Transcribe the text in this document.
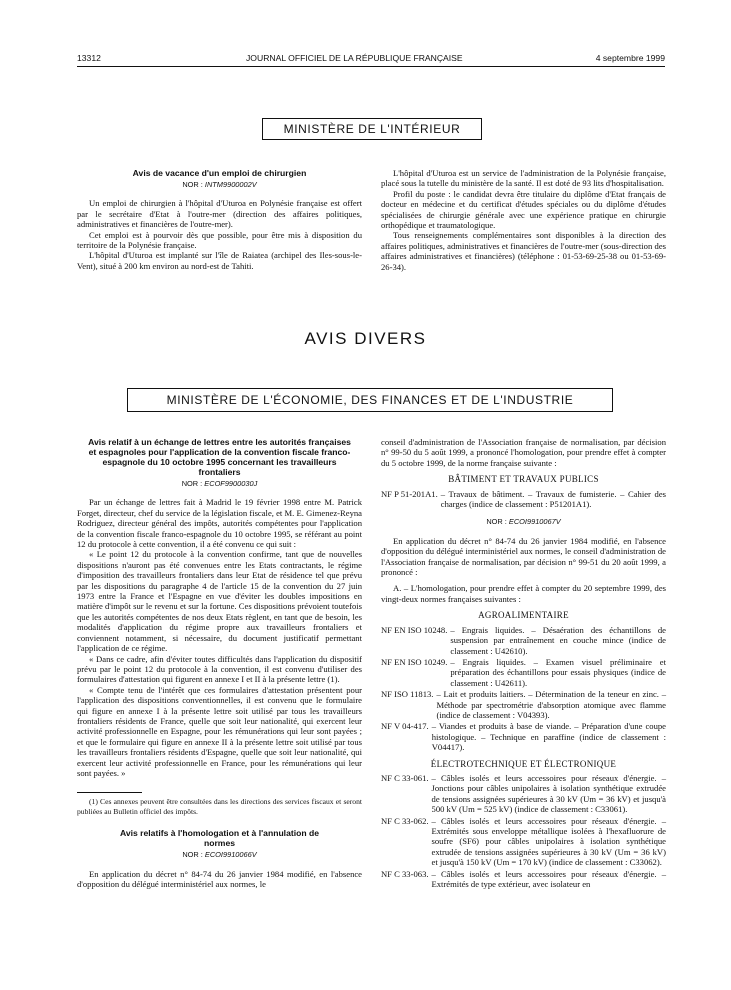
13312	JOURNAL OFFICIEL DE LA RÉPUBLIQUE FRANÇAISE	4 septembre 1999
MINISTÈRE DE L'INTÉRIEUR
Avis de vacance d'un emploi de chirurgien
NOR : INTM9900002V

Un emploi de chirurgien à l'hôpital d'Uturoa en Polynésie française est offert par le secrétaire d'Etat à l'outre-mer (direction des affaires politiques, administratives et financières de l'outre-mer).

Cet emploi est à pourvoir dès que possible, pour être mis à disposition du territoire de la Polynésie française.

L'hôpital d'Uturoa est implanté sur l'île de Raiatea (archipel des Iles-sous-le-Vent), situé à 200 km environ au nord-est de Tahiti.

L'hôpital d'Uturoa est un service de l'administration de la Polynésie française, placé sous la tutelle du ministère de la santé. Il est doté de 93 lits d'hospitalisation.

Profil du poste : le candidat devra être titulaire du diplôme d'Etat français de docteur en médecine et du certificat d'études spéciales ou du diplôme d'études spécialisées de chirurgie générale avec une expérience pratique en chirurgie orthopédique et traumatologique.

Tous renseignements complémentaires sont disponibles à la direction des affaires politiques, administratives et financières de l'outre-mer (sous-direction des affaires administratives et financières) (téléphone : 01-53-69-25-38 ou 01-53-69-26-34).

AVIS DIVERS
MINISTÈRE DE L'ÉCONOMIE, DES FINANCES ET DE L'INDUSTRIE
Avis relatif à un échange de lettres entre les autorités françaises et espagnoles pour l'application de la convention fiscale franco-espagnole du 10 octobre 1995 concernant les travailleurs frontaliers
NOR : ECOF9900030J

Par un échange de lettres fait à Madrid le 19 février 1998 entre M. Patrick Forget, directeur, chef du service de la législation fiscale, et M. E. Gimenez-Reyna Rodriguez, directeur général des impôts, autorités compétentes pour l'application de la convention fiscale franco-espagnole du 10 octobre 1995, se référant au point 12 du protocole à cette convention, il a été convenu ce qui suit :

« Le point 12 du protocole à la convention confirme, tant que de nouvelles dispositions n'auront pas été convenues entre les Etats contractants, le régime d'imposition des travailleurs frontaliers dans leur Etat de résidence tel que prévu par les dispositions du paragraphe 4 de l'article 15 de la convention du 27 juin 1973 entre la France et l'Espagne en vue d'éviter les doubles impositions en matière d'impôt sur le revenu et sur la fortune. Ces dispositions prévoient toutefois que les autorités compétentes de nos deux Etats règlent, en tant que de besoin, les modalités d'application du régime propre aux travailleurs frontaliers et conviennent notamment, si nécessaire, du document justificatif permettant l'application de ce régime.

« Dans ce cadre, afin d'éviter toutes difficultés dans l'application du dispositif prévu par le point 12 du protocole à la convention, il est convenu d'utiliser des formulaires d'attestation qui figurent en annexe I et II à la présente lettre (1).

« Compte tenu de l'intérêt que ces formulaires d'attestation présentent pour l'application des dispositions conventionnelles, il est convenu que le formulaire qui figure en annexe I à la présente lettre soit utilisé par tous les travailleurs frontaliers résidents de France, quelle que soit leur nationalité, qui exercent leur activité professionnelle en Espagne, pour les rémunérations qui leur sont payées ; et que le formulaire qui figure en annexe II à la présente lettre soit utilisé par tous les travailleurs frontaliers résidents d'Espagne, quelle que soit leur nationalité, qui exercent leur activité professionnelle en France, pour les rémunérations qui leur sont payées. »

(1) Ces annexes peuvent être consultées dans les directions des services fiscaux et seront publiées au Bulletin officiel des impôts.

Avis relatifs à l'homologation et à l'annulation de normes
NOR : ECOI9910066V

En application du décret n° 84-74 du 26 janvier 1984 modifié, en l'absence d'opposition du délégué interministériel aux normes, le

conseil d'administration de l'Association française de normalisation, par décision n° 99-50 du 5 août 1999, a prononcé l'homologation, pour prendre effet à compter du 5 octobre 1999, de la norme française suivante :

BÂTIMENT ET TRAVAUX PUBLICS
NF P 51-201A1. – Travaux de bâtiment. – Travaux de fumisterie. – Cahier des charges (indice de classement : P51201A1).
NOR : ECOI9910067V

En application du décret n° 84-74 du 26 janvier 1984 modifié, en l'absence d'opposition du délégué interministériel aux normes, le conseil d'administration de l'Association française de normalisation, par décision n° 99-51 du 20 août 1999, a prononcé :

A. – L'homologation, pour prendre effet à compter du 20 septembre 1999, des vingt-deux normes françaises suivantes :

AGROALIMENTAIRE
NF EN ISO 10248. – Engrais liquides. – Désaération des échantillons de suspension par entraînement en couche mince (indice de classement : U42610).
NF EN ISO 10249. – Engrais liquides. – Examen visuel préliminaire et préparation des échantillons pour essais physiques (indice de classement : U42611).
NF ISO 11813. – Lait et produits laitiers. – Détermination de la teneur en zinc. – Méthode par spectrométrie d'absorption atomique avec flamme (indice de classement : V04393).
NF V 04-417. – Viandes et produits à base de viande. – Préparation d'une coupe histologique. – Technique en paraffine (indice de classement : V04417).
ÉLECTROTECHNIQUE ET ÉLECTRONIQUE
NF C 33-061. – Câbles isolés et leurs accessoires pour réseaux d'énergie. – Jonctions pour câbles unipolaires à isolation synthétique extrudée de tensions assignées supérieures à 30 kV (Um = 36 kV) et jusqu'à 500 kV (Um = 525 kV) (indice de classement : C33061).
NF C 33-062. – Câbles isolés et leurs accessoires pour réseaux d'énergie. – Extrémités sous enveloppe métallique isolées à l'hexafluorure de soufre (SF6) pour câbles unipolaires à isolation synthétique extrudée de tensions assignées supérieures à 30 kV (Um = 36 kV) et jusqu'à 150 kV (Um = 170 kV) (indice de classement : C33062).
NF C 33-063. – Câbles isolés et leurs accessoires pour réseaux d'énergie. – Extrémités de type extérieur, avec isolateur en
